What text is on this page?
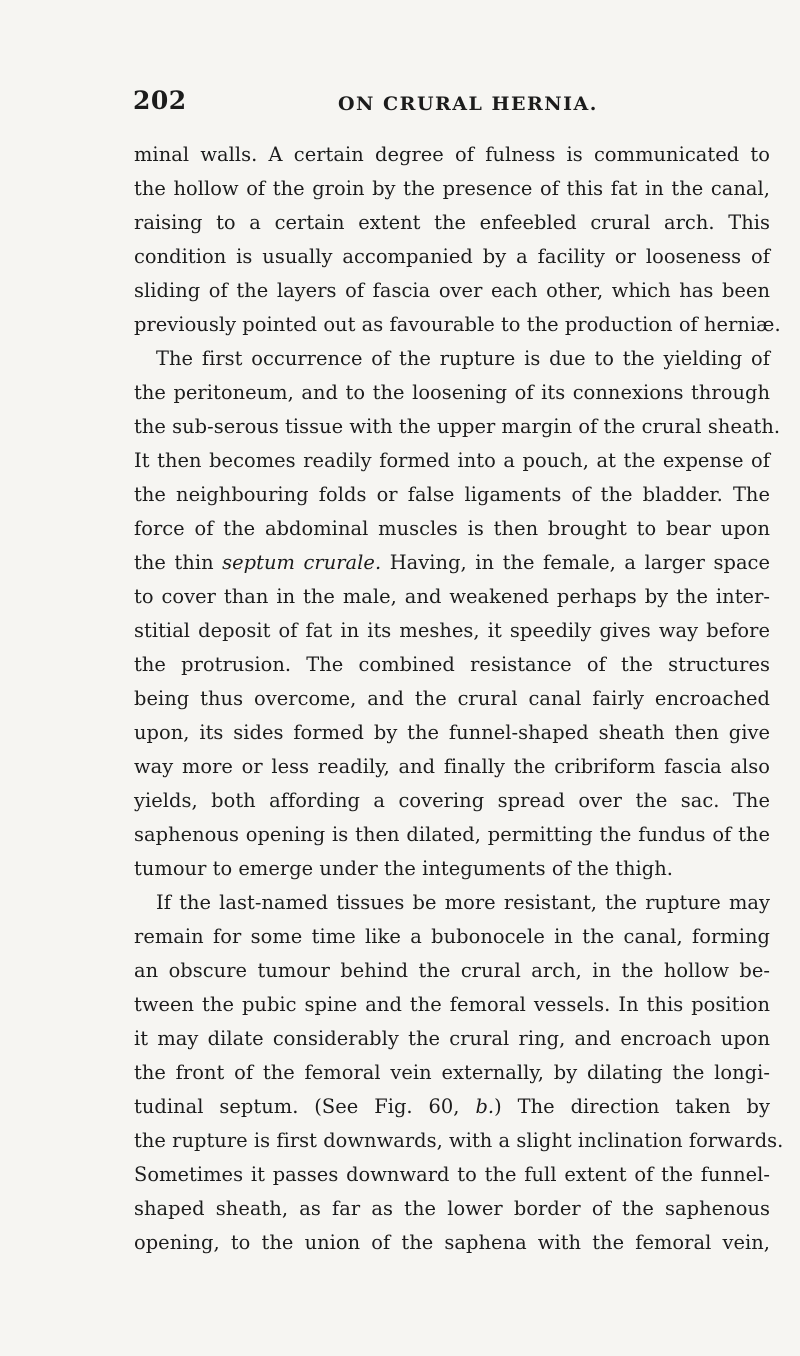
202	ON CRURAL HERNIA.
minal walls. A certain degree of fulness is communicated to
the hollow of the groin by the presence of this fat in the canal,
raising to a certain extent the enfeebled crural arch. This
condition is usually accompanied by a facility or looseness of
sliding of the layers of fascia over each other, which has been
previously pointed out as favourable to the production of herniæ.
The first occurrence of the rupture is due to the yielding of
the peritoneum, and to the loosening of its connexions through
the sub-serous tissue with the upper margin of the crural sheath.
It then becomes readily formed into a pouch, at the expense of
the neighbouring folds or false ligaments of the bladder. The
force of the abdominal muscles is then brought to bear upon
the thin septum crurale. Having, in the female, a larger space
to cover than in the male, and weakened perhaps by the inter-
stitial deposit of fat in its meshes, it speedily gives way before
the protrusion. The combined resistance of the structures
being thus overcome, and the crural canal fairly encroached
upon, its sides formed by the funnel-shaped sheath then give
way more or less readily, and finally the cribriform fascia also
yields, both affording a covering spread over the sac. The
saphenous opening is then dilated, permitting the fundus of the
tumour to emerge under the integuments of the thigh.
If the last-named tissues be more resistant, the rupture may
remain for some time like a bubonocele in the canal, forming
an obscure tumour behind the crural arch, in the hollow be-
tween the pubic spine and the femoral vessels. In this position
it may dilate considerably the crural ring, and encroach upon
the front of the femoral vein externally, by dilating the longi-
tudinal septum. (See Fig. 60, b.) The direction taken by
the rupture is first downwards, with a slight inclination forwards.
Sometimes it passes downward to the full extent of the funnel-
shaped sheath, as far as the lower border of the saphenous
opening, to the union of the saphena with the femoral vein,
